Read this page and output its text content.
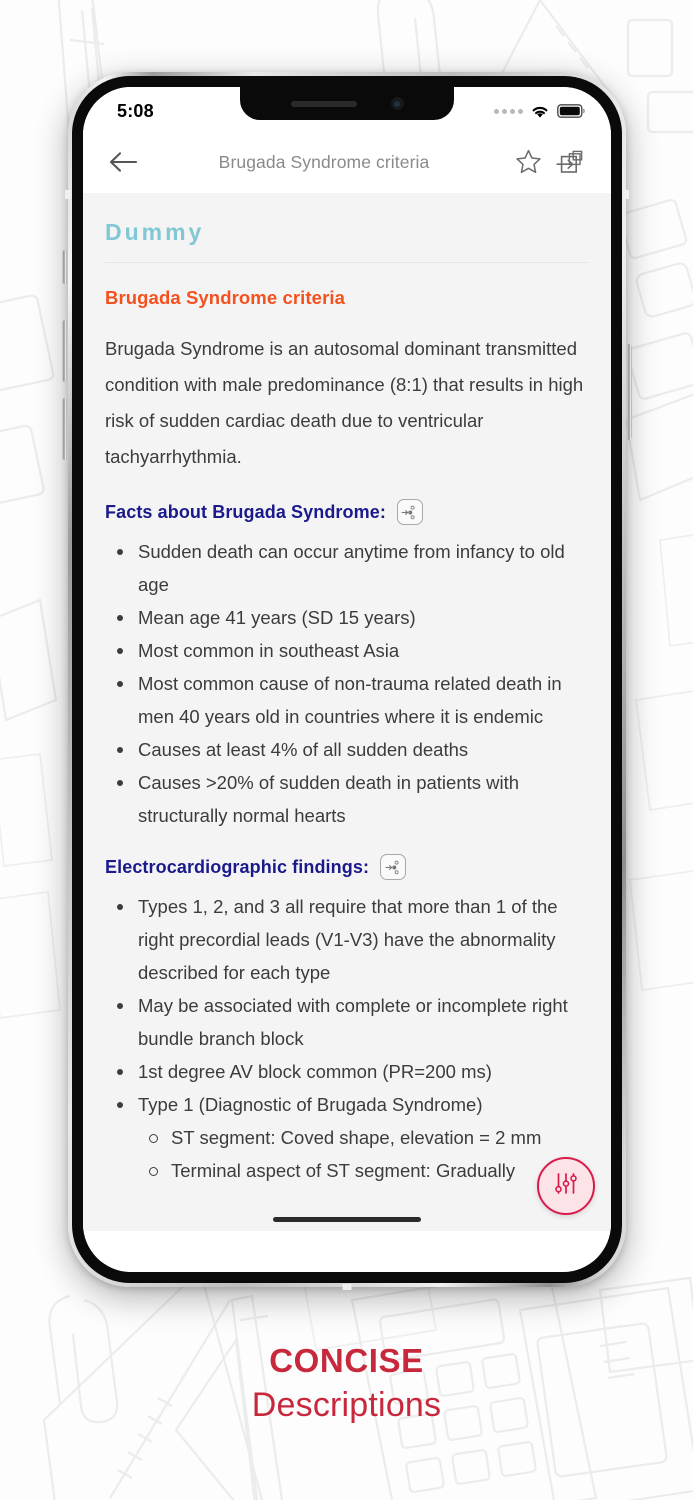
5:08
Brugada Syndrome criteria
Dummy
Brugada Syndrome criteria

Brugada Syndrome is an autosomal dominant transmitted condition with male predominance (8:1) that results in high risk of sudden cardiac death due to ventricular tachyarrhythmia.

Facts about Brugada Syndrome:
Sudden death can occur anytime from infancy to old age
Mean age 41 years (SD 15 years)
Most common in southeast Asia
Most common cause of non-trauma related death in men 40 years old in countries where it is endemic
Causes at least 4% of all sudden deaths
Causes >20% of sudden death in patients with structurally normal hearts
Electrocardiographic findings:
Types 1, 2, and 3 all require that more than 1 of the right precordial leads (V1-V3) have the abnormality described for each type
May be associated with complete or incomplete right bundle branch block
1st degree AV block common (PR=200 ms)
Type 1 (Diagnostic of Brugada Syndrome)
ST segment: Coved shape, elevation = 2 mm
Terminal aspect of ST segment: Gradually
CONCISE
Descriptions
